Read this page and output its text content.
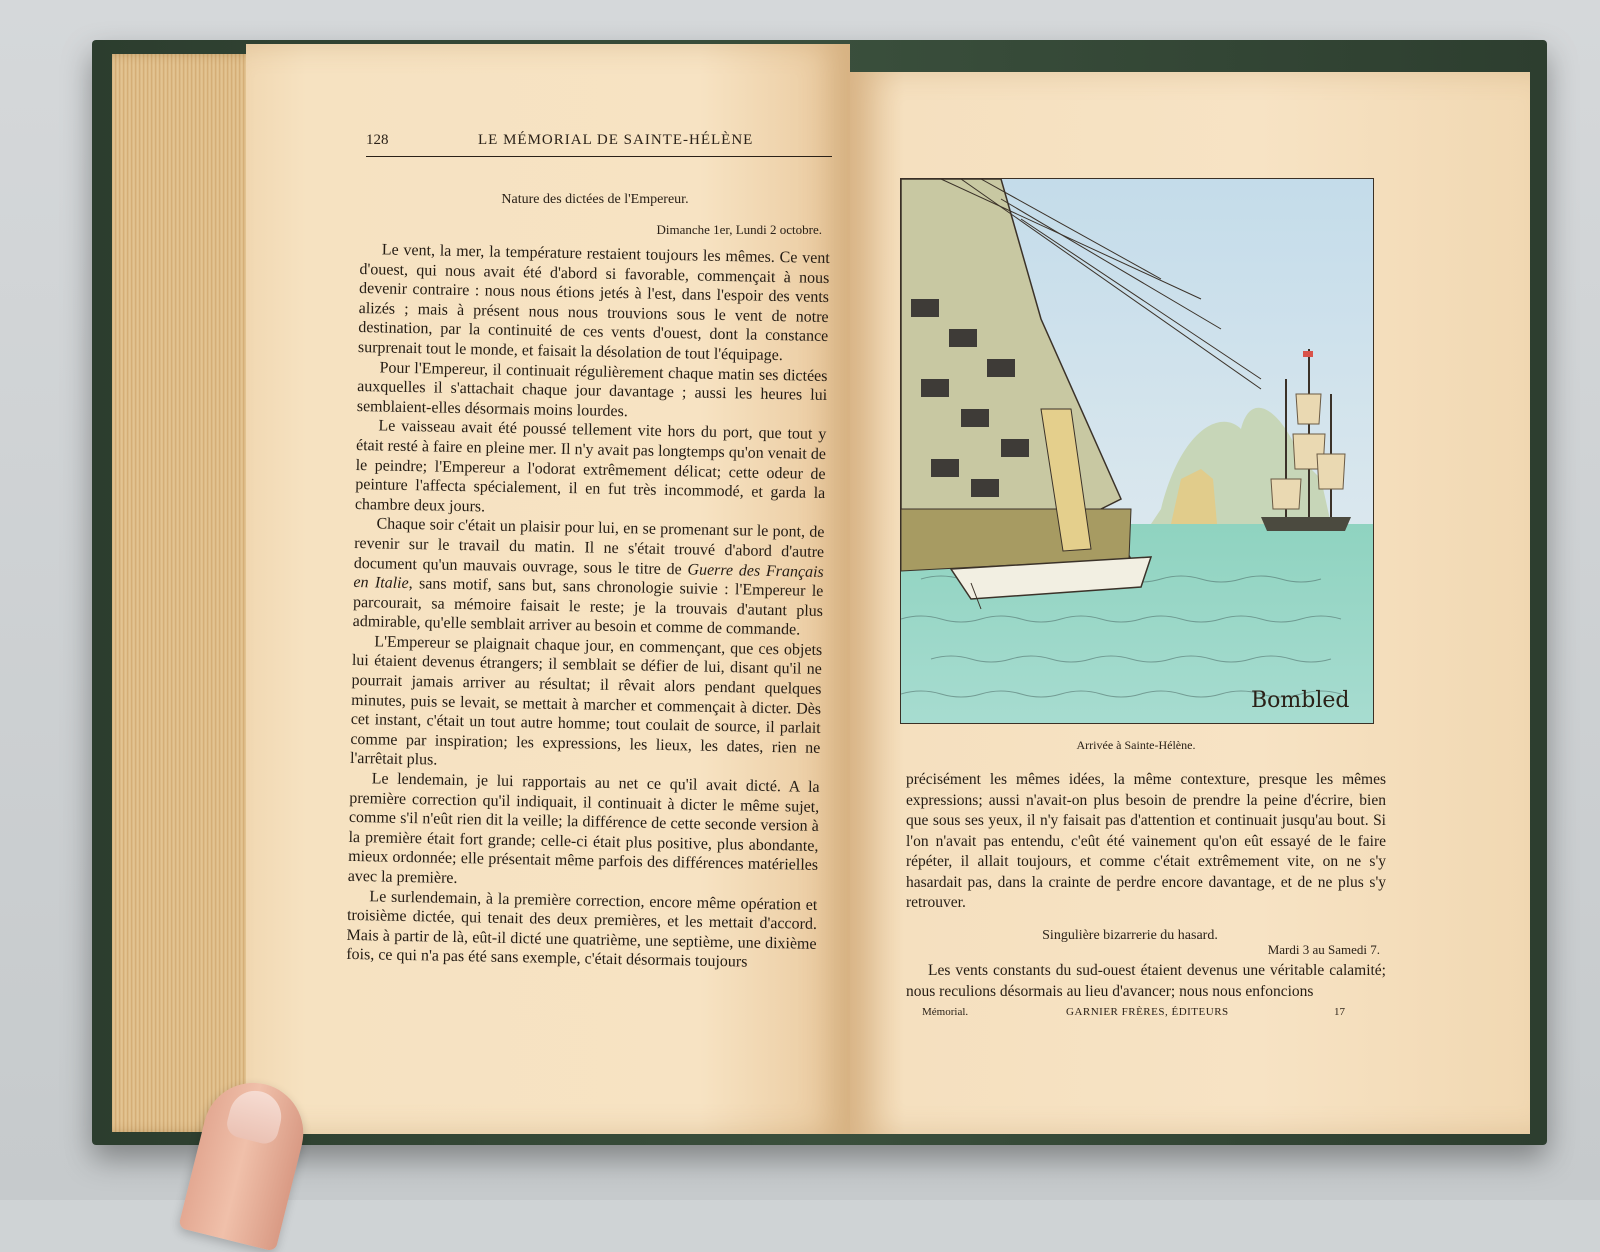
128	LE MÉMORIAL DE SAINTE-HÉLÈNE
Nature des dictées de l'Empereur.
Dimanche 1er, Lundi 2 octobre.

Le vent, la mer, la température restaient toujours les mêmes. Ce vent d'ouest, qui nous avait été d'abord si favorable, commençait à nous devenir contraire : nous nous étions jetés à l'est, dans l'espoir des vents alizés ; mais à présent nous nous trouvions sous le vent de notre destination, par la continuité de ces vents d'ouest, dont la constance surprenait tout le monde, et faisait la désolation de tout l'équipage.

Pour l'Empereur, il continuait régulièrement chaque matin ses dictées auxquelles il s'attachait chaque jour davantage ; aussi les heures lui semblaient-elles désormais moins lourdes.

Le vaisseau avait été poussé tellement vite hors du port, que tout y était resté à faire en pleine mer. Il n'y avait pas longtemps qu'on venait de le peindre; l'Empereur a l'odorat extrêmement délicat; cette odeur de peinture l'affecta spécialement, il en fut très incommodé, et garda la chambre deux jours.

Chaque soir c'était un plaisir pour lui, en se promenant sur le pont, de revenir sur le travail du matin. Il ne s'était trouvé d'abord d'autre document qu'un mauvais ouvrage, sous le titre de Guerre des Français en Italie, sans motif, sans but, sans chronologie suivie : l'Empereur le parcourait, sa mémoire faisait le reste; je la trouvais d'autant plus admirable, qu'elle semblait arriver au besoin et comme de commande.

L'Empereur se plaignait chaque jour, en commençant, que ces objets lui étaient devenus étrangers; il semblait se défier de lui, disant qu'il ne pourrait jamais arriver au résultat; il rêvait alors pendant quelques minutes, puis se levait, se mettait à marcher et commençait à dicter. Dès cet instant, c'était un tout autre homme; tout coulait de source, il parlait comme par inspiration; les expressions, les lieux, les dates, rien ne l'arrêtait plus.

Le lendemain, je lui rapportais au net ce qu'il avait dicté. A la première correction qu'il indiquait, il continuait à dicter le même sujet, comme s'il n'eût rien dit la veille; la différence de cette seconde version à la première était fort grande; celle-ci était plus positive, plus abondante, mieux ordonnée; elle présentait même parfois des différences matérielles avec la première.

Le surlendemain, à la première correction, encore même opération et troisième dictée, qui tenait des deux premières, et les mettait d'accord. Mais à partir de là, eût-il dicté une quatrième, une septième, une dixième fois, ce qui n'a pas été sans exemple, c'était désormais toujours

Bombled
Arrivée à Sainte-Hélène.

précisément les mêmes idées, la même contexture, presque les mêmes expressions; aussi n'avait-on plus besoin de prendre la peine d'écrire, bien que sous ses yeux, il n'y faisait pas d'attention et continuait jusqu'au bout. Si l'on n'avait pas entendu, c'eût été vainement qu'on eût essayé de le faire répéter, il allait toujours, et comme c'était extrêmement vite, on ne s'y hasardait pas, dans la crainte de perdre encore davantage, et de ne plus s'y retrouver.

Singulière bizarrerie du hasard.
Mardi 3 au Samedi 7.

Les vents constants du sud-ouest étaient devenus une véritable calamité; nous reculions désormais au lieu d'avancer; nous nous enfoncions

Mémorial.	GARNIER FRÈRES, ÉDITEURS	17
